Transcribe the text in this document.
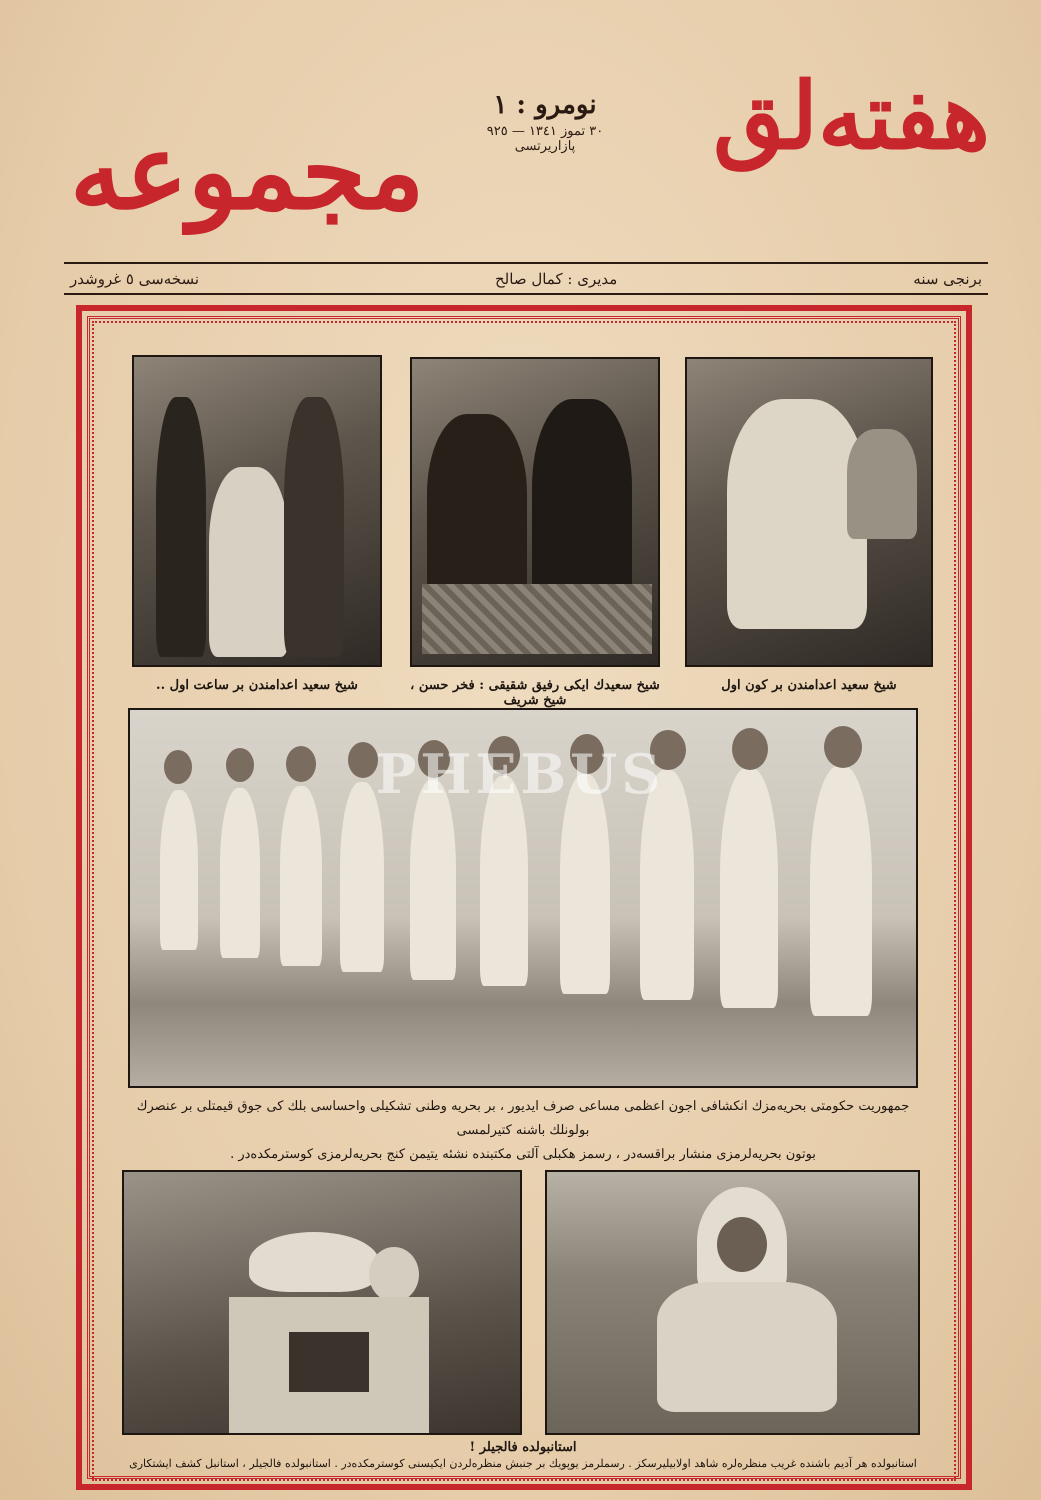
هفته‌لق
مجموعه
نومرو : ١
٣٠ تموز ١٣٤١ — ٩٢٥ پازاريرتسى
برنجى سنه
مديرى : كمال صالح
نسخه‌سى ٥ غروشدر
شيخ سعيد اعدامندن بر ساعت اول ..	شيخ سعيدك ايكى رفيق شقيقى : فخر حسن ، شيخ شريف
شيخ سعيد اعدامندن بر كون اول
PHEBUS
جمهوريت حكومتى بحريه‌مزك انكشافى اجون اعظمى مساعى صرف ايديور ، بر بحريه وطنى تشكيلى واحساسى بلك كى جوق قيمتلى بر عنصرك بولونلك باشنه كتيرلمسى
بوتون بحريه‌لرمزى منشار براقسه‌در ، رسمز هكبلى آلتى مكتبنده نشئه‌ يتيمن كنج بحريه‌لرمزى كوسترمكده‌در .
استانبولده فالجيلر !
استانبولده هر آديم باشنده غريب منظره‌لره شاهد اولابيليرسكز . رسملرمز يوپويك بر جنبش منظره‌لردن ايكيسنى كوسترمكده‌در . استانبولده فالجيلر ، استانبل كشف ايشتكارى
